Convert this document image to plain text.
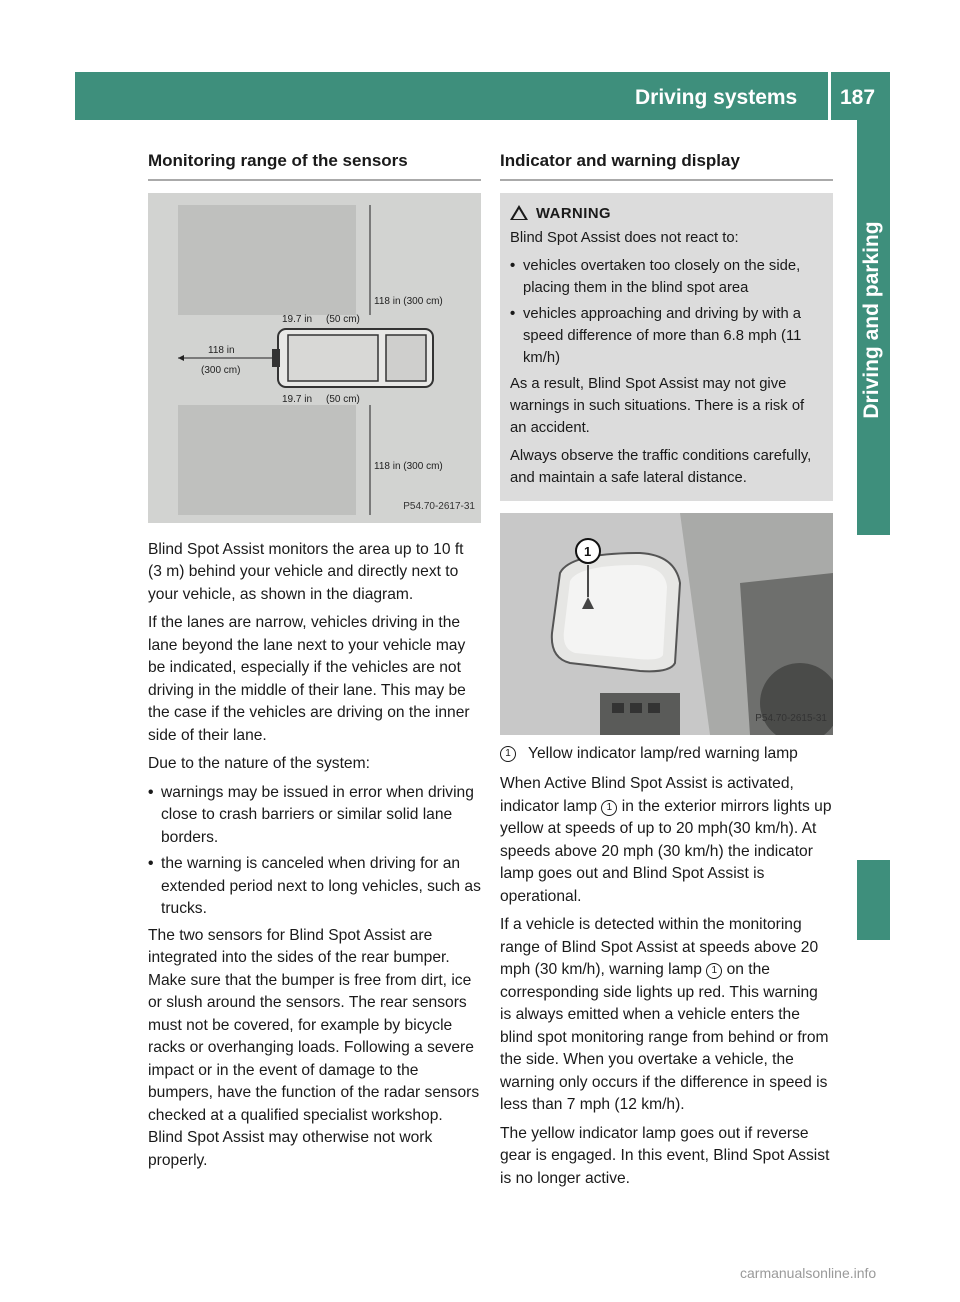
Driving systems 187
Driving and parking
Monitoring range of the sensors
118 in (300 cm)
19.7 in (50 cm)
118 in
(300 cm)
19.7 in (50 cm)
118 in (300 cm)
P54.70-2617-31

Blind Spot Assist monitors the area up to 10 ft (3 m) behind your vehicle and directly next to your vehicle, as shown in the diagram.

If the lanes are narrow, vehicles driving in the lane beyond the lane next to your vehicle may be indicated, especially if the vehicles are not driving in the middle of their lane. This may be the case if the vehicles are driving on the inner side of their lane.

Due to the nature of the system:

• warnings may be issued in error when driving close to crash barriers or similar solid lane borders.
• the warning is canceled when driving for an extended period next to long vehicles, such as trucks.

The two sensors for Blind Spot Assist are integrated into the sides of the rear bumper. Make sure that the bumper is free from dirt, ice or slush around the sensors. The rear sensors must not be covered, for example by bicycle racks or overhanging loads. Following a severe impact or in the event of damage to the bumpers, have the function of the radar sensors checked at a qualified specialist workshop. Blind Spot Assist may otherwise not work properly.

Indicator and warning display
WARNING

Blind Spot Assist does not react to:

• vehicles overtaken too closely on the side, placing them in the blind spot area
• vehicles approaching and driving by with a speed difference of more than 6.8 mph (11 km/h)

As a result, Blind Spot Assist may not give warnings in such situations. There is a risk of an accident.

Always observe the traffic conditions carefully, and maintain a safe lateral distance.

1
P54.70-2615-31
1	Yellow indicator lamp/red warning lamp

When Active Blind Spot Assist is activated, indicator lamp 1 in the exterior mirrors lights up yellow at speeds of up to 20 mph(30 km/h). At speeds above 20 mph (30 km/h) the indicator lamp goes out and Blind Spot Assist is operational.

If a vehicle is detected within the monitoring range of Blind Spot Assist at speeds above 20 mph (30 km/h), warning lamp 1 on the corresponding side lights up red. This warning is always emitted when a vehicle enters the blind spot monitoring range from behind or from the side. When you overtake a vehicle, the warning only occurs if the difference in speed is less than 7 mph (12 km/h).

The yellow indicator lamp goes out if reverse gear is engaged. In this event, Blind Spot Assist is no longer active.

carmanualsonline.info
